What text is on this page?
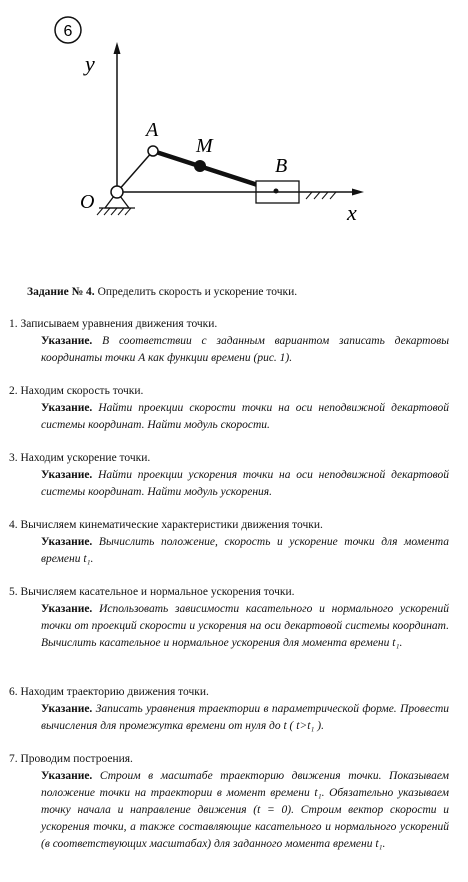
6
y
x
O
A
M
B
Задание № 4. Определить скорость и ускорение точки.
1. Записываем уравнения движения точки.
Указание. В соответствии с заданным вариантом записать декартовы координаты точки A как функции времени (рис. 1).
2. Находим скорость точки.
Указание. Найти проекции скорости точки на оси неподвижной декартовой системы координат. Найти модуль скорости.
3. Находим ускорение точки.
Указание. Найти проекции ускорения точки на оси неподвижной декартовой системы координат. Найти модуль ускорения.
4. Вычисляем кинематические характеристики движения точки.
Указание. Вычислить положение, скорость и ускорение точки для момента времени t₁.
5. Вычисляем касательное и нормальное ускорения точки.
Указание. Использовать зависимости касательного и нормального ускорений точки от проекций скорости и ускорения на оси декартовой системы координат. Вычислить касательное и нормальное ускорения для момента времени t₁.
6. Находим траекторию движения точки.
Указание. Записать уравнения траектории в параметрической форме. Провести вычисления для промежутка времени от нуля до t ( t>t₁ ).
7. Проводим построения.
Указание. Строим в масштабе траекторию движения точки. Показываем положение точки на траектории в момент времени t₁. Обязательно указываем точку начала и направление движения (t = 0). Строим вектор скорости и ускорения точки, а также составляющие касательного и нормального ускорений (в соответствующих масштабах) для заданного момента времени t₁.
